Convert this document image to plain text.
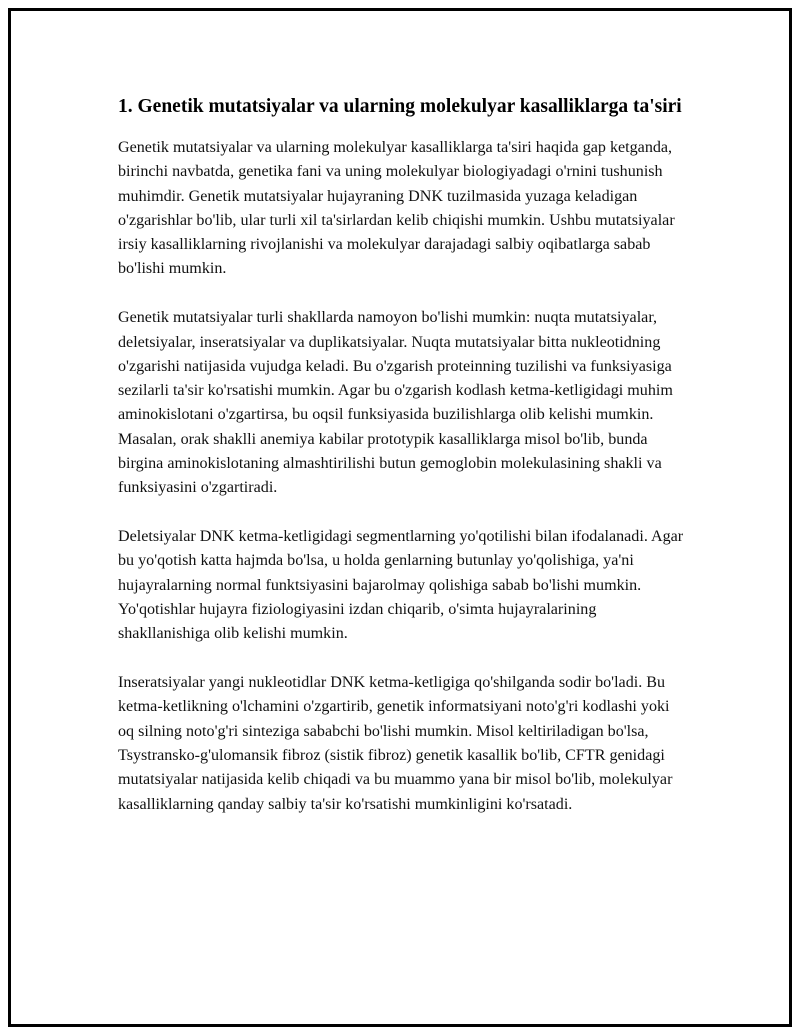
1. Genetik mutatsiyalar va ularning molekulyar kasalliklarga ta'siri

Genetik mutatsiyalar va ularning molekulyar kasalliklarga ta'siri haqida gap ketganda, birinchi navbatda, genetika fani va uning molekulyar biologiyadagi o'rnini tushunish muhimdir. Genetik mutatsiyalar hujayraning DNK tuzilmasida yuzaga keladigan o'zgarishlar bo'lib, ular turli xil ta'sirlardan kelib chiqishi mumkin. Ushbu mutatsiyalar irsiy kasalliklarning rivojlanishi va molekulyar darajadagi salbiy oqibatlarga sabab bo'lishi mumkin.

Genetik mutatsiyalar turli shakllarda namoyon bo'lishi mumkin: nuqta mutatsiyalar, deletsiyalar, inseratsiyalar va duplikatsiyalar. Nuqta mutatsiyalar bitta nukleotidning o'zgarishi natijasida vujudga keladi. Bu o'zgarish proteinning tuzilishi va funksiyasiga sezilarli ta'sir ko'rsatishi mumkin. Agar bu o'zgarish kodlash ketma-ketligidagi muhim aminokislotani o'zgartirsa, bu oqsil funksiyasida buzilishlarga olib kelishi mumkin. Masalan, orak shaklli anemiya kabilar prototypik kasalliklarga misol bo'lib, bunda birgina aminokislotaning almashtirilishi butun gemoglobin molekulasining shakli va funksiyasini o'zgartiradi.

Deletsiyalar DNK ketma-ketligidagi segmentlarning yo'qotilishi bilan ifodalanadi. Agar bu yo'qotish katta hajmda bo'lsa, u holda genlarning butunlay yo'qolishiga, ya'ni hujayralarning normal funktsiyasini bajarolmay qolishiga sabab bo'lishi mumkin. Yo'qotishlar hujayra fiziologiyasini izdan chiqarib, o'simta hujayralarining shakllanishiga olib kelishi mumkin.

Inseratsiyalar yangi nukleotidlar DNK ketma-ketligiga qo'shilganda sodir bo'ladi. Bu ketma-ketlikning o'lchamini o'zgartirib, genetik informatsiyani noto'g'ri kodlashi yoki oq silning noto'g'ri sinteziga sababchi bo'lishi mumkin. Misol keltiriladigan bo'lsa, Tsystransko-g'ulomansik fibroz (sistik fibroz) genetik kasallik bo'lib, CFTR genidagi mutatsiyalar natijasida kelib chiqadi va bu muammo yana bir misol bo'lib, molekulyar kasalliklarning qanday salbiy ta'sir ko'rsatishi mumkinligini ko'rsatadi.
